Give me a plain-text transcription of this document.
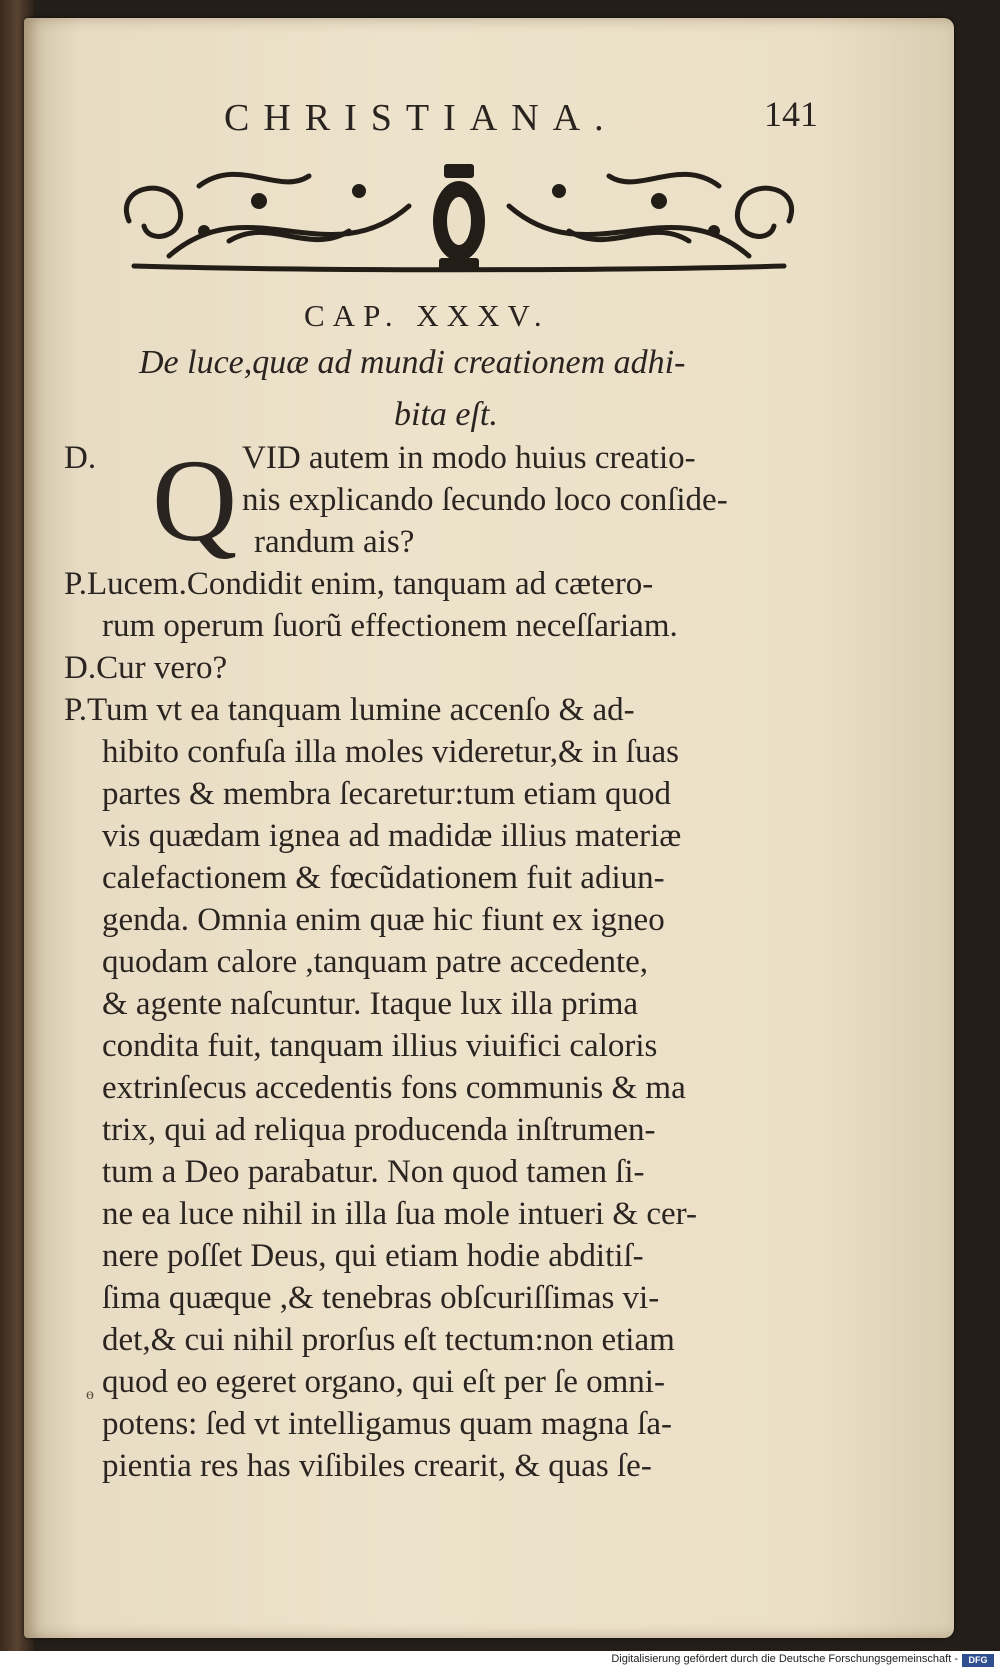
CHRISTIANA.	141
CAP. XXXV.
De luce,quæ ad mundi creationem adhi-
bita eſt.
Q
D.	VID autem in modo huius creatio-
nis explicando ſecundo loco conſide-
randum ais?
P.Lucem.Condidit enim, tanquam ad cætero-
rum operum ſuorũ effectionem neceſſariam.
D.Cur vero?
P.Tum vt ea tanquam lumine accenſo & ad-
hibito confuſa illa moles videretur,& in ſuas
partes & membra ſecaretur:tum etiam quod
vis quædam ignea ad madidæ illius materiæ
calefactionem & fœcũdationem fuit adiun-
genda. Omnia enim quæ hic fiunt ex igneo
quodam calore ,tanquam patre accedente,
& agente naſcuntur. Itaque lux illa prima
condita fuit, tanquam illius viuifici caloris
extrinſecus accedentis fons communis & ma
trix, qui ad reliqua producenda inſtrumen-
tum a Deo parabatur. Non quod tamen ſi-
ne ea luce nihil in illa ſua mole intueri & cer-
nere poſſet Deus, qui etiam hodie abditiſ-
ſima quæque ,& tenebras obſcuriſſimas vi-
det,& cui nihil prorſus eſt tectum:non etiam
quod eo egeret organo, qui eſt per ſe omni-
potens: ſed vt intelligamus quam magna ſa-
pientia res has viſibiles crearit, & quas ſe-
ɵ
Digitalisierung gefördert durch die Deutsche Forschungsgemeinschaft -	DFG
